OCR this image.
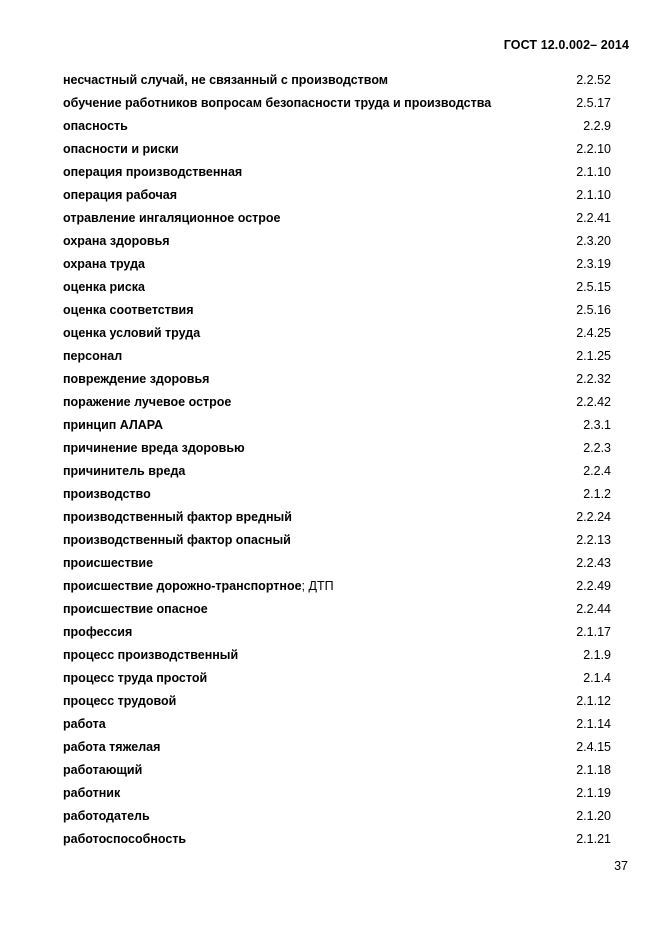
ГОСТ 12.0.002– 2014
несчастный случай, не связанный с производством	2.2.52
обучение работников вопросам безопасности труда и производства	2.5.17
опасность	2.2.9
опасности и риски	2.2.10
операция производственная	2.1.10
операция рабочая	2.1.10
отравление ингаляционное острое	2.2.41
охрана здоровья	2.3.20
охрана труда	2.3.19
оценка риска	2.5.15
оценка соответствия	2.5.16
оценка условий труда	2.4.25
персонал	2.1.25
повреждение здоровья	2.2.32
поражение лучевое острое	2.2.42
принцип АЛАРА	2.3.1
причинение вреда здоровью	2.2.3
причинитель вреда	2.2.4
производство	2.1.2
производственный фактор вредный	2.2.24
производственный фактор опасный	2.2.13
происшествие	2.2.43
происшествие дорожно-транспортное; ДТП	2.2.49
происшествие опасное	2.2.44
профессия	2.1.17
процесс производственный	2.1.9
процесс труда простой	2.1.4
процесс трудовой	2.1.12
работа	2.1.14
работа тяжелая	2.4.15
работающий	2.1.18
работник	2.1.19
работодатель	2.1.20
работоспособность	2.1.21
37
